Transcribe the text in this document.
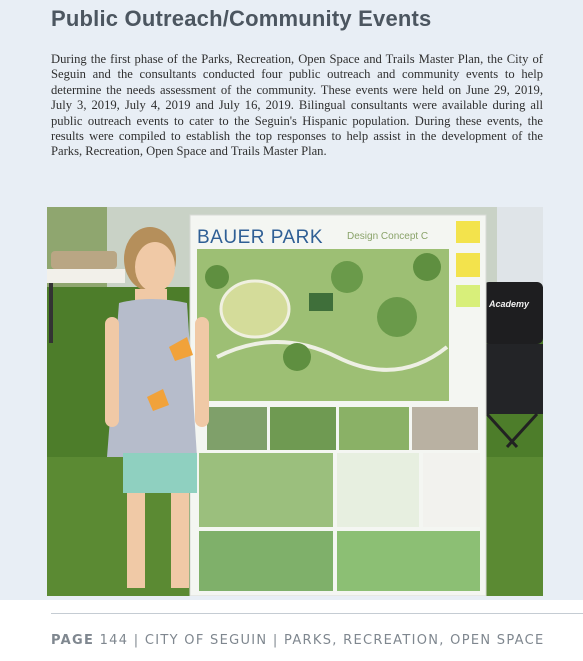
Public Outreach/Community Events

During the first phase of the Parks, Recreation, Open Space and Trails Master Plan, the City of Seguin and the consultants conducted four public outreach and community events to help determine the needs assessment of the community. These events were held on June 29, 2019, July 3, 2019, July 4, 2019 and July 16, 2019. Bilingual consultants were available during all public outreach events to cater to the Seguin's Hispanic population. During these events, the results were compiled to establish the top responses to help assist in the development of the Parks, Recreation, Open Space and Trails Master Plan.

Academy
BAUER PARK Design Concept C
PAGE 144 | CITY OF SEGUIN | PARKS, RECREATION, OPEN SPACE
